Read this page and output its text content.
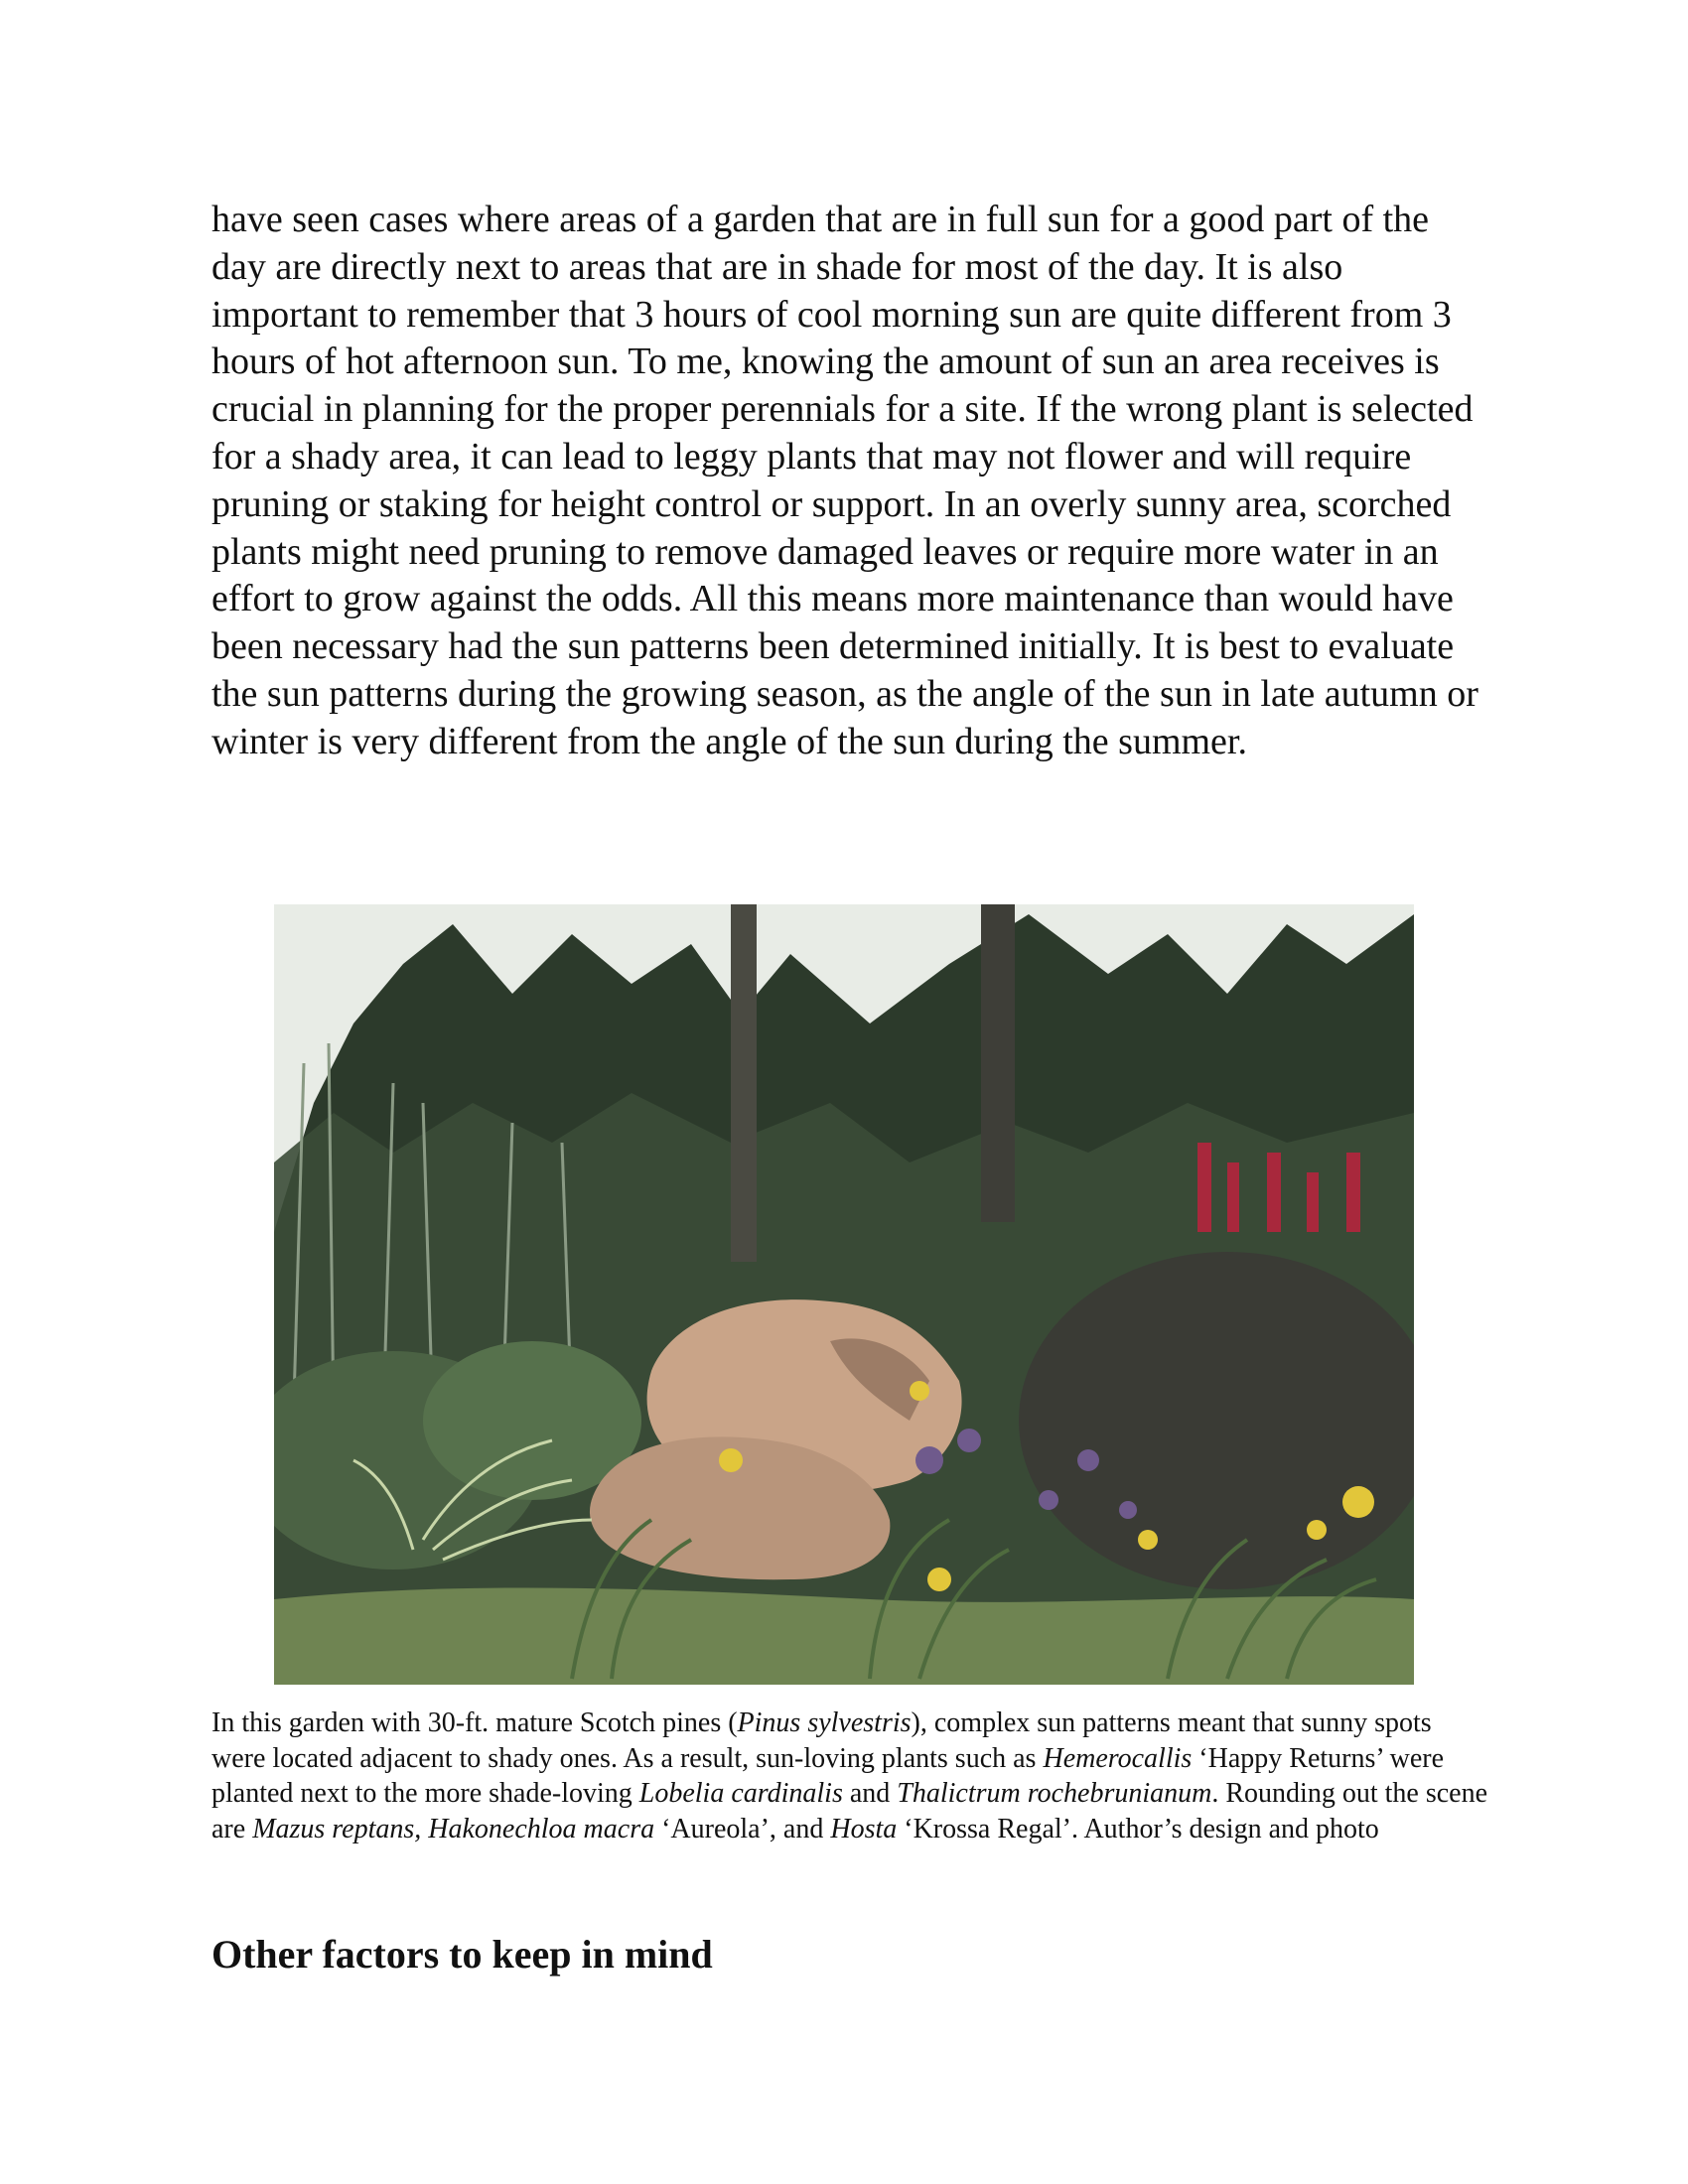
have seen cases where areas of a garden that are in full sun for a good part of the day are directly next to areas that are in shade for most of the day. It is also important to remember that 3 hours of cool morning sun are quite different from 3 hours of hot afternoon sun. To me, knowing the amount of sun an area receives is crucial in planning for the proper perennials for a site. If the wrong plant is selected for a shady area, it can lead to leggy plants that may not flower and will require pruning or staking for height control or support. In an overly sunny area, scorched plants might need pruning to remove damaged leaves or require more water in an effort to grow against the odds. All this means more maintenance than would have been necessary had the sun patterns been determined initially. It is best to evaluate the sun patterns during the growing season, as the angle of the sun in late autumn or winter is very different from the angle of the sun during the summer.

In this garden with 30-ft. mature Scotch pines (Pinus sylvestris), complex sun patterns meant that sunny spots were located adjacent to shady ones. As a result, sun-loving plants such as Hemerocallis ‘Happy Returns’ were planted next to the more shade-loving Lobelia cardinalis and Thalictrum rochebrunianum. Rounding out the scene are Mazus reptans, Hakonechloa macra ‘Aureola’, and Hosta ‘Krossa Regal’. Author’s design and photo

Other factors to keep in mind
